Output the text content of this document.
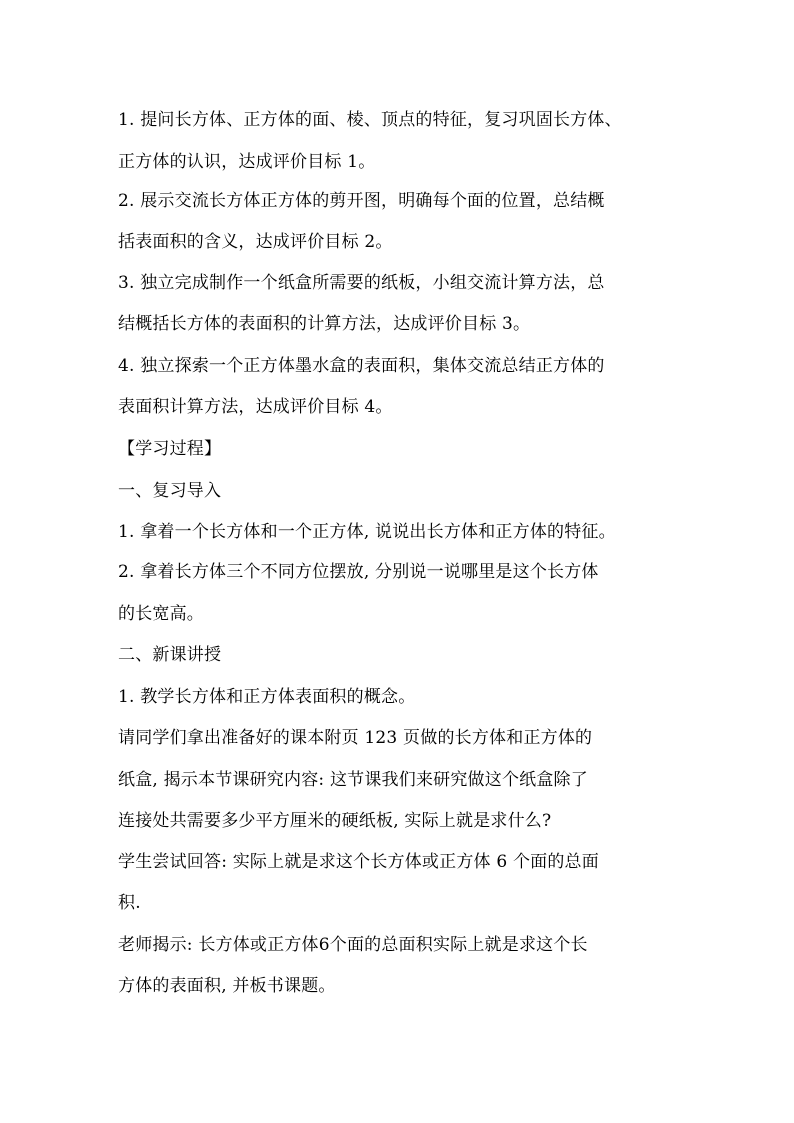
1. 提问长方体、正方体的面、棱、顶点的特征，复习巩固长方体、
正方体的认识，达成评价目标 1。
2. 展示交流长方体正方体的剪开图，明确每个面的位置，总结概
括表面积的含义，达成评价目标 2。
3. 独立完成制作一个纸盒所需要的纸板，小组交流计算方法，总
结概括长方体的表面积的计算方法，达成评价目标 3。
4. 独立探索一个正方体墨水盒的表面积，集体交流总结正方体的
表面积计算方法，达成评价目标 4。
【学习过程】
一、复习导入
1. 拿着一个长方体和一个正方体, 说说出长方体和正方体的特征。
2. 拿着长方体三个不同方位摆放, 分别说一说哪里是这个长方体
的长宽高。
二、新课讲授
1. 教学长方体和正方体表面积的概念。
请同学们拿出准备好的课本附页 123 页做的长方体和正方体的
纸盒, 揭示本节课研究内容: 这节课我们来研究做这个纸盒除了
连接处共需要多少平方厘米的硬纸板, 实际上就是求什么?
学生尝试回答: 实际上就是求这个长方体或正方体 6 个面的总面
积.
老师揭示: 长方体或正方体6个面的总面积实际上就是求这个长
方体的表面积, 并板书课题。
